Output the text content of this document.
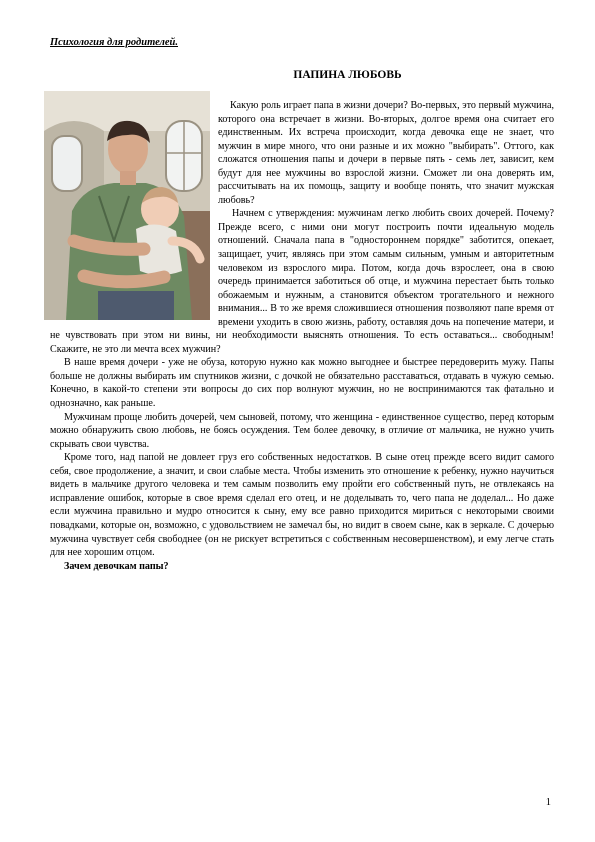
Психология для родителей.
ПАПИНА ЛЮБОВЬ

Какую роль играет папа в жизни дочери? Во-первых, это первый мужчина, которого она встречает в жизни. Во-вторых, долгое время она считает его единственным. Их встреча происходит, когда девочка еще не знает, что мужчин в мире много, что они разные и их можно "выбирать". Оттого, как сложатся отношения папы и дочери в первые пять - семь лет, зависит, кем будут для нее мужчины во взрослой жизни. Сможет ли она доверять им, рассчитывать на их помощь, защиту и вообще понять, что значит мужская любовь?

Начнем с утверждения: мужчинам легко любить своих дочерей. Почему? Прежде всего, с ними они могут построить почти идеальную модель отношений. Сначала папа в "одностороннем порядке" заботится, опекает, защищает, учит, являясь при этом самым сильным, умным и авторитетным человеком из взрослого мира. Потом, когда дочь взрослеет, она в свою очередь принимается заботиться об отце, и мужчина перестает быть только обожаемым и нужным, а становится объектом трогательного и нежного внимания... В то же время сложившиеся отношения позволяют папе время от времени уходить в свою жизнь, работу, оставляя дочь на попечение матери, и не чувствовать при этом ни вины, ни необходимости выяснять отношения. То есть оставаться... свободным! Скажите, не это ли мечта всех мужчин?

В наше время дочери - уже не обуза, которую нужно как можно выгоднее и быстрее передоверить мужу. Папы больше не должны выбирать им спутников жизни, с дочкой не обязательно расставаться, отдавать в чужую семью. Конечно, в какой-то степени эти вопросы до сих пор волнуют мужчин, но не воспринимаются так фатально и однозначно, как раньше.

Мужчинам проще любить дочерей, чем сыновей, потому, что женщина - единственное существо, перед которым можно обнаружить свою любовь, не боясь осуждения. Тем более девочку, в отличие от мальчика, не нужно учить скрывать свои чувства.

Кроме того, над папой не довлеет груз его собственных недостатков. В сыне отец прежде всего видит самого себя, свое продолжение, а значит, и свои слабые места. Чтобы изменить это отношение к ребенку, нужно научиться видеть в мальчике другого человека и тем самым позволить ему пройти его собственный путь, не отвлекаясь на исправление ошибок, которые в свое время сделал его отец, и не доделывать то, чего папа не доделал... Но даже если мужчина правильно и мудро относится к сыну, ему все равно приходится мириться с некоторыми своими повадками, которые он, возможно, с удовольствием не замечал бы, но видит в своем сыне, как в зеркале. С дочерью мужчина чувствует себя свободнее (он не рискует встретиться с собственным несовершенством), и ему легче стать для нее хорошим отцом.

Зачем девочкам папы?

1
